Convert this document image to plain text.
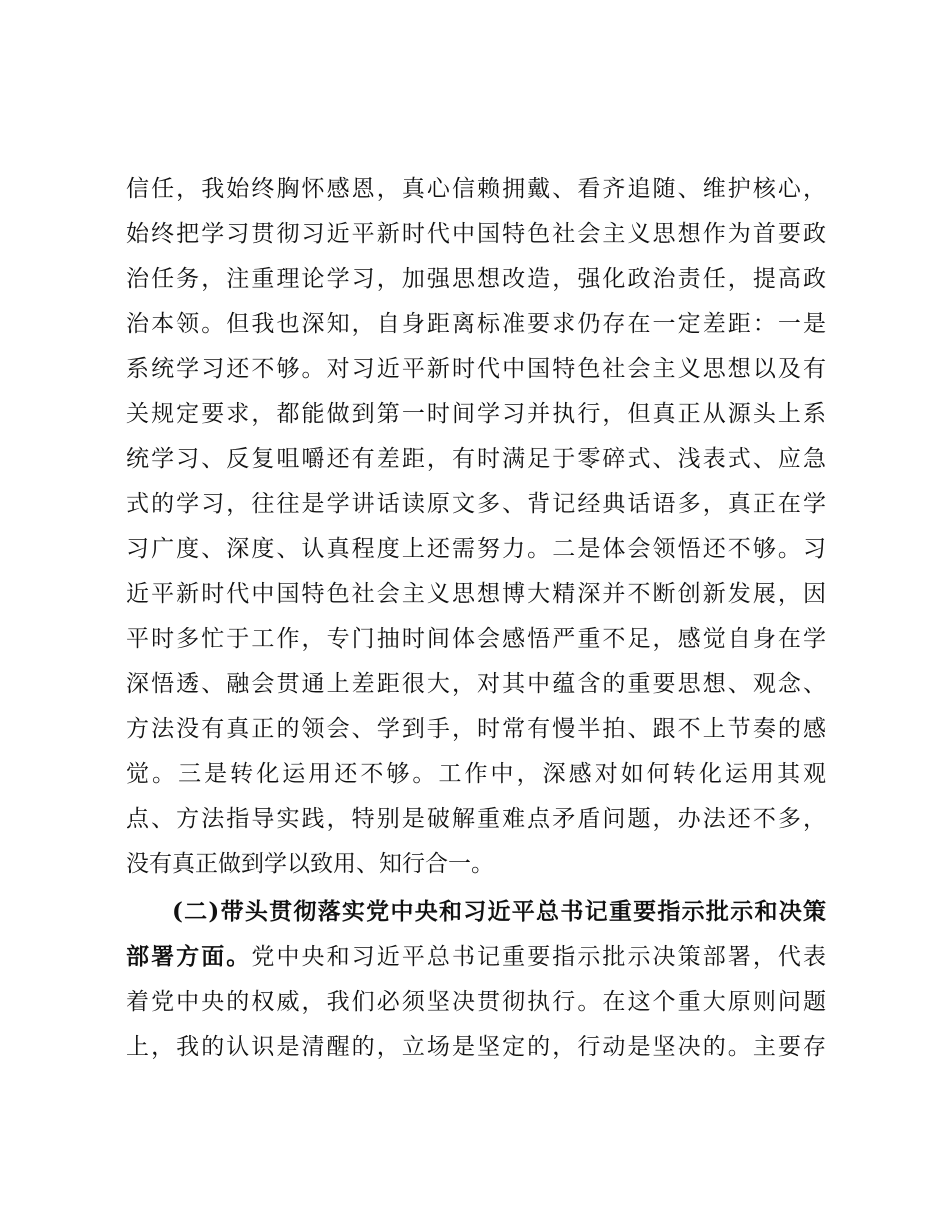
信任，我始终胸怀感恩，真心信赖拥戴、看齐追随、维护核心，
始终把学习贯彻习近平新时代中国特色社会主义思想作为首要政
治任务，注重理论学习，加强思想改造，强化政治责任，提高政
治本领。但我也深知，自身距离标准要求仍存在一定差距：一是
系统学习还不够。对习近平新时代中国特色社会主义思想以及有
关规定要求，都能做到第一时间学习并执行，但真正从源头上系
统学习、反复咀嚼还有差距，有时满足于零碎式、浅表式、应急
式的学习，往往是学讲话读原文多、背记经典话语多，真正在学
习广度、深度、认真程度上还需努力。二是体会领悟还不够。习
近平新时代中国特色社会主义思想博大精深并不断创新发展，因
平时多忙于工作，专门抽时间体会感悟严重不足，感觉自身在学
深悟透、融会贯通上差距很大，对其中蕴含的重要思想、观念、
方法没有真正的领会、学到手，时常有慢半拍、跟不上节奏的感
觉。三是转化运用还不够。工作中，深感对如何转化运用其观
点、方法指导实践，特别是破解重难点矛盾问题，办法还不多，
没有真正做到学以致用、知行合一。
(二)带头贯彻落实党中央和习近平总书记重要指示批示和决策
部署方面。党中央和习近平总书记重要指示批示决策部署，代表
着党中央的权威，我们必须坚决贯彻执行。在这个重大原则问题
上，我的认识是清醒的，立场是坚定的，行动是坚决的。主要存
